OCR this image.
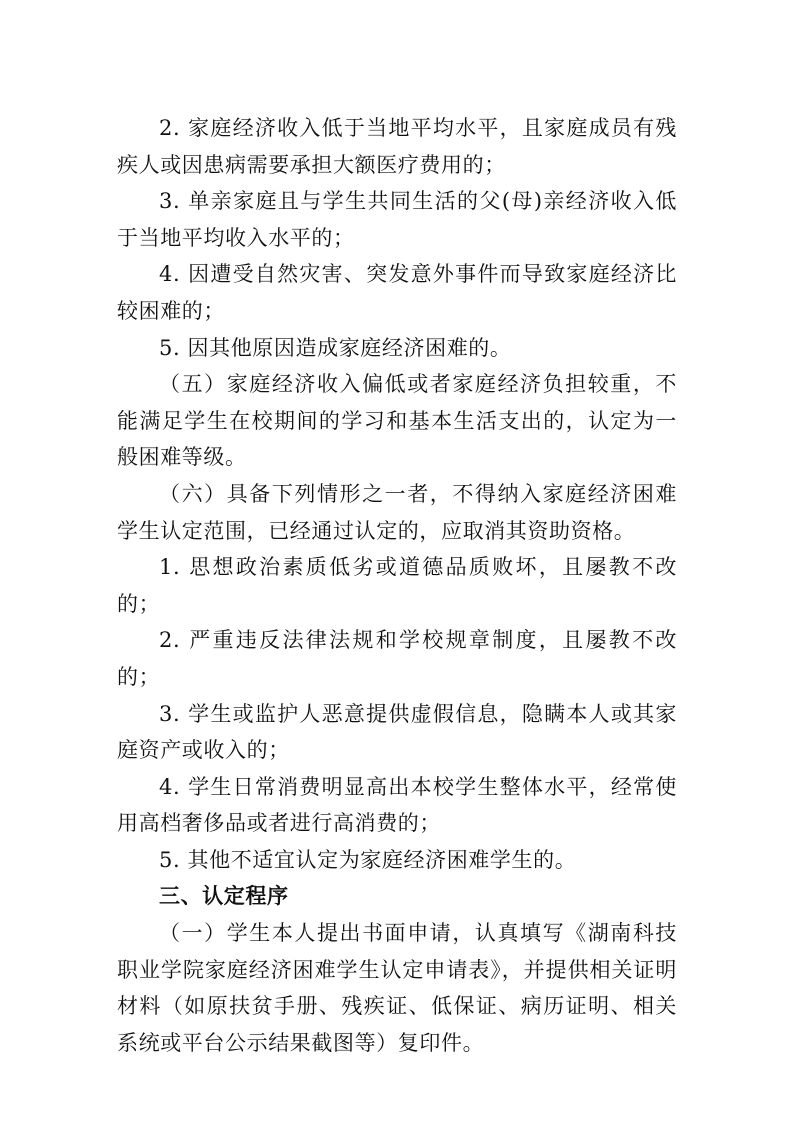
2. 家庭经济收入低于当地平均水平，且家庭成员有残疾人或因患病需要承担大额医疗费用的；

3. 单亲家庭且与学生共同生活的父(母)亲经济收入低于当地平均收入水平的；

4. 因遭受自然灾害、突发意外事件而导致家庭经济比较困难的；

5. 因其他原因造成家庭经济困难的。

（五）家庭经济收入偏低或者家庭经济负担较重，不能满足学生在校期间的学习和基本生活支出的，认定为一般困难等级。

（六）具备下列情形之一者，不得纳入家庭经济困难学生认定范围，已经通过认定的，应取消其资助资格。

1. 思想政治素质低劣或道德品质败坏，且屡教不改的；

2. 严重违反法律法规和学校规章制度，且屡教不改的；

3. 学生或监护人恶意提供虚假信息，隐瞒本人或其家庭资产或收入的；

4. 学生日常消费明显高出本校学生整体水平，经常使用高档奢侈品或者进行高消费的；

5. 其他不适宜认定为家庭经济困难学生的。

三、认定程序

（一）学生本人提出书面申请，认真填写《湖南科技职业学院家庭经济困难学生认定申请表》，并提供相关证明材料（如原扶贫手册、残疾证、低保证、病历证明、相关系统或平台公示结果截图等）复印件。
